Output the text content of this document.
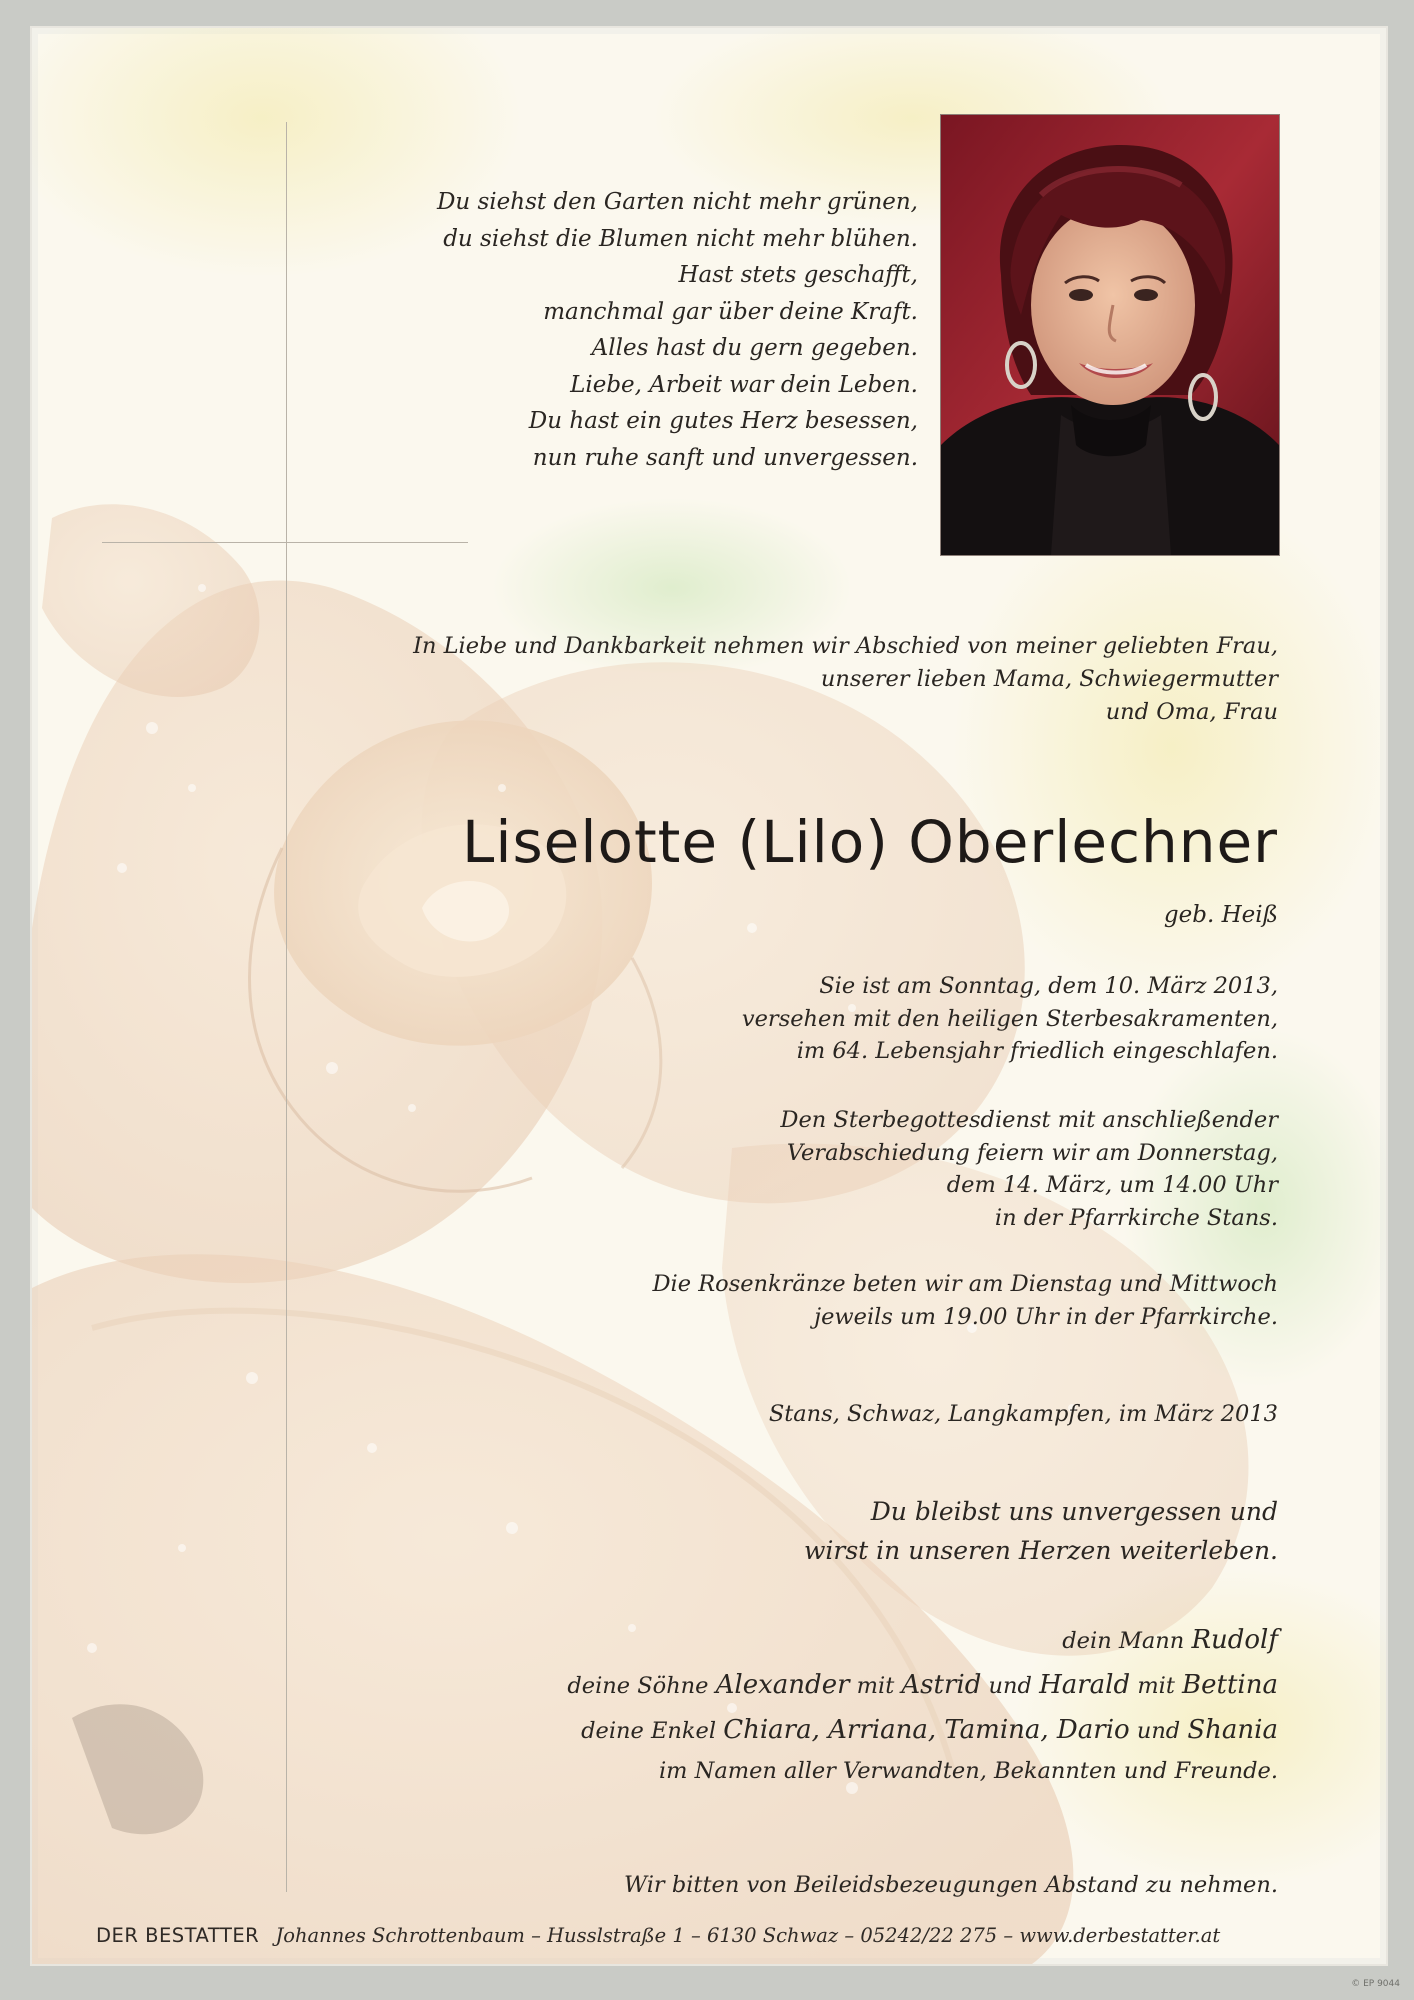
Du siehst den Garten nicht mehr grünen,
du siehst die Blumen nicht mehr blühen.
Hast stets geschafft,
manchmal gar über deine Kraft.
Alles hast du gern gegeben.
Liebe, Arbeit war dein Leben.
Du hast ein gutes Herz besessen,
nun ruhe sanft und unvergessen.
In Liebe und Dankbarkeit nehmen wir Abschied von meiner geliebten Frau,
unserer lieben Mama, Schwiegermutter
und Oma, Frau
Liselotte (Lilo) Oberlechner
geb. Heiß
Sie ist am Sonntag, dem 10. März 2013,
versehen mit den heiligen Sterbesakramenten,
im 64. Lebensjahr friedlich eingeschlafen.
Den Sterbegottesdienst mit anschließender
Verabschiedung feiern wir am Donnerstag,
dem 14. März, um 14.00 Uhr
in der Pfarrkirche Stans.
Die Rosenkränze beten wir am Dienstag und Mittwoch
jeweils um 19.00 Uhr in der Pfarrkirche.
Stans, Schwaz, Langkampfen, im März 2013
Du bleibst uns unvergessen und
wirst in unseren Herzen weiterleben.
dein Mann Rudolf
deine Söhne Alexander mit Astrid und Harald mit Bettina
deine Enkel Chiara, Arriana, Tamina, Dario und Shania
im Namen aller Verwandten, Bekannten und Freunde.
Wir bitten von Beileidsbezeugungen Abstand zu nehmen.
DER BESTATTER Johannes Schrottenbaum – Husslstraße 1 – 6130 Schwaz – 05242/22 275 – www.derbestatter.at
© EP 9044
